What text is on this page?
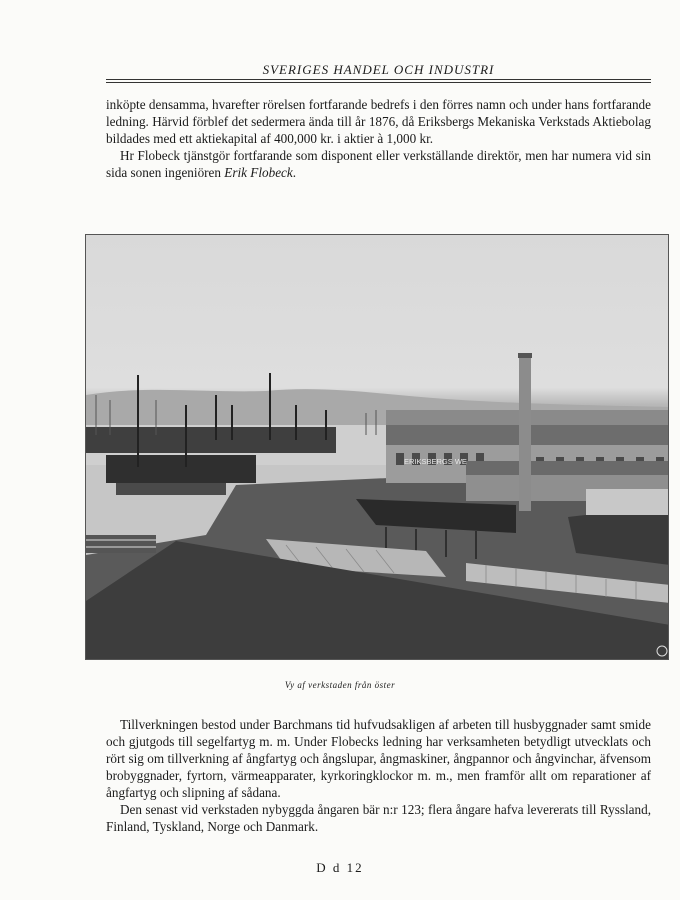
SVERIGES HANDEL OCH INDUSTRI

inköpte densamma, hvarefter rörelsen fortfarande bedrefs i den förres namn och under hans fortfarande ledning. Härvid förblef det sedermera ända till år 1876, då Eriksbergs Mekaniska Verkstads Aktiebolag bildades med ett aktiekapital af 400,000 kr. i aktier à 1,000 kr.

Hr Flobeck tjänstgör fortfarande som disponent eller verkställande direktör, men har numera vid sin sida sonen ingeniören Erik Flobeck.

ERIKSBERGS WE
Vy af verkstaden från öster

Tillverkningen bestod under Barchmans tid hufvudsakligen af arbeten till husbyggnader samt smide och gjutgods till segelfartyg m. m. Under Flobecks ledning har verksamheten betydligt utvecklats och rört sig om tillverkning af ångfartyg och ångslupar, ångmaskiner, ångpannor och ångvinchar, äfvensom brobyggnader, fyrtorn, värmeapparater, kyrkoringklockor m. m., men framför allt om reparationer af ångfartyg och slipning af sådana.

Den senast vid verkstaden nybyggda ångaren bär n:r 123; flera ångare hafva levererats till Ryssland, Finland, Tyskland, Norge och Danmark.

D d 12
